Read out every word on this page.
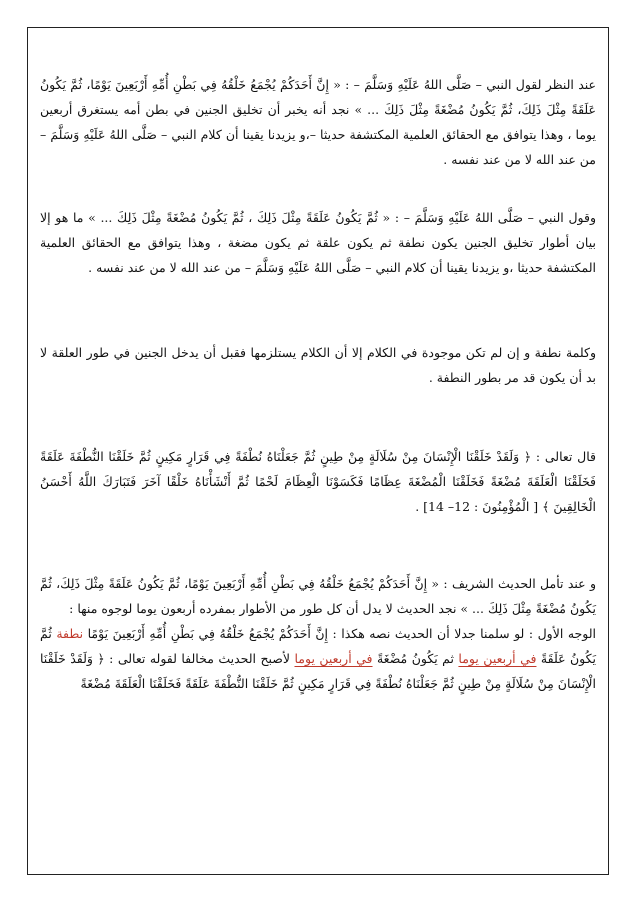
عند النظر لقول النبي – صَلَّى اللهُ عَلَيْهِ وَسَلَّمَ – : « إِنَّ أَحَدَكُمْ يُجْمَعُ خَلْقُهُ فِي بَطْنِ أُمِّهِ أَرْبَعِينَ يَوْمًا، ثُمَّ يَكُونُ عَلَقَةً مِثْلَ ذَلِكَ، ثُمَّ يَكُونُ مُضْغَةً مِثْلَ ذَلِكَ ... » نجد أنه يخبر أن تخليق الجنين في بطن أمه يستغرق أربعين يوما ، وهذا يتوافق مع الحقائق العلمية المكتشفة حديثا –،و يزيدنا يقينا أن كلام النبي – صَلَّى اللهُ عَلَيْهِ وَسَلَّمَ – من عند الله لا من عند نفسه .

وقول النبي – صَلَّى اللهُ عَلَيْهِ وَسَلَّمَ – : « ثُمَّ يَكُونُ عَلَقَةً مِثْلَ ذَلِكَ ، ثُمَّ يَكُونُ مُضْغَةً مِثْلَ ذَلِكَ ... » ما هو إلا بيان أطوار تخليق الجنين يكون نطفة ثم يكون علقة ثم يكون مضغة ، وهذا يتوافق مع الحقائق العلمية المكتشفة حديثا ،و يزيدنا يقينا أن كلام النبي – صَلَّى اللهُ عَلَيْهِ وَسَلَّمَ – من عند الله لا من عند نفسه .

وكلمة نطفة و إن لم تكن موجودة في الكلام إلا أن الكلام يستلزمها فقبل أن يدخل الجنين في طور العلقة لا بد أن يكون قد مر بطور النطفة .

قال تعالى : ﴿ وَلَقَدْ خَلَقْنَا الْإِنْسَانَ مِنْ سُلَالَةٍ مِنْ طِينٍ ثُمَّ جَعَلْنَاهُ نُطْفَةً فِي قَرَارٍ مَكِينٍ ثُمَّ خَلَقْنَا النُّطْفَةَ عَلَقَةً فَخَلَقْنَا الْعَلَقَةَ مُضْغَةً فَخَلَقْنَا الْمُضْغَةَ عِظَامًا فَكَسَوْنَا الْعِظَامَ لَحْمًا ثُمَّ أَنْشَأْنَاهُ خَلْقًا آخَرَ فَتَبَارَكَ اللَّهُ أَحْسَنُ الْخَالِقِينَ ﴾ [ الْمُؤْمِنُونَ : 12– 14] .

و عند تأمل الحديث الشريف : « إِنَّ أَحَدَكُمْ يُجْمَعُ خَلْقُهُ فِي بَطْنِ أُمِّهِ أَرْبَعِينَ يَوْمًا، ثُمَّ يَكُونُ عَلَقَةً مِثْلَ ذَلِكَ، ثُمَّ يَكُونُ مُضْغَةً مِثْلَ ذَلِكَ ... » نجد الحديث لا يدل أن كل طور من الأطوار بمفرده أربعون يوما لوجوه منها :

الوجه الأول : لو سلمنا جدلا أن الحديث نصه هكذا : إِنَّ أَحَدَكُمْ يُجْمَعُ خَلْقُهُ فِي بَطْنِ أُمِّهِ أَرْبَعِينَ يَوْمًا نطفة ثُمَّ يَكُونُ عَلَقَةً في أربعين يوما ثم يَكُونُ مُضْغَةً في أربعين يوما لأصبح الحديث مخالفا لقوله تعالى : ﴿ وَلَقَدْ خَلَقْنَا الْإِنْسَانَ مِنْ سُلَالَةٍ مِنْ طِينٍ ثُمَّ جَعَلْنَاهُ نُطْفَةً فِي قَرَارٍ مَكِينٍ ثُمَّ خَلَقْنَا النُّطْفَةَ عَلَقَةً فَخَلَقْنَا الْعَلَقَةَ مُضْغَةً
